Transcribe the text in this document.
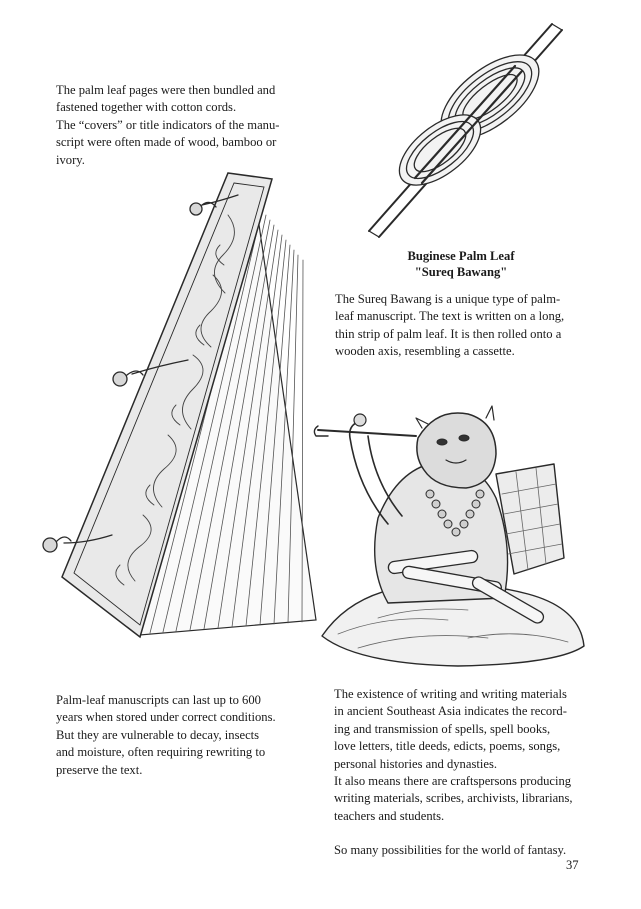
The palm leaf pages were then bundled and

fastened together with cotton cords.

The “covers” or title indicators of the manu-

script were often made of wood, bamboo or

ivory.

Buginese Palm Leaf
"Sureq Bawang"

The Sureq Bawang is a unique type of palm-

leaf manuscript. The text is written on a long,

thin strip of palm leaf. It is then rolled onto a

wooden axis, resembling a cassette.

Palm-leaf manuscripts can last up to 600

years when stored under correct conditions.

But they are vulnerable to decay, insects

and moisture, often requiring rewriting to

preserve the text.

The existence of writing and writing materials

in ancient Southeast Asia indicates the record-

ing and transmission of spells, spell books,

love letters, title deeds, edicts, poems, songs,

personal histories and dynasties.

It also means there are craftspersons producing

writing materials, scribes, archivists, librarians,

teachers and students.

So many possibilities for the world of fantasy.

37
